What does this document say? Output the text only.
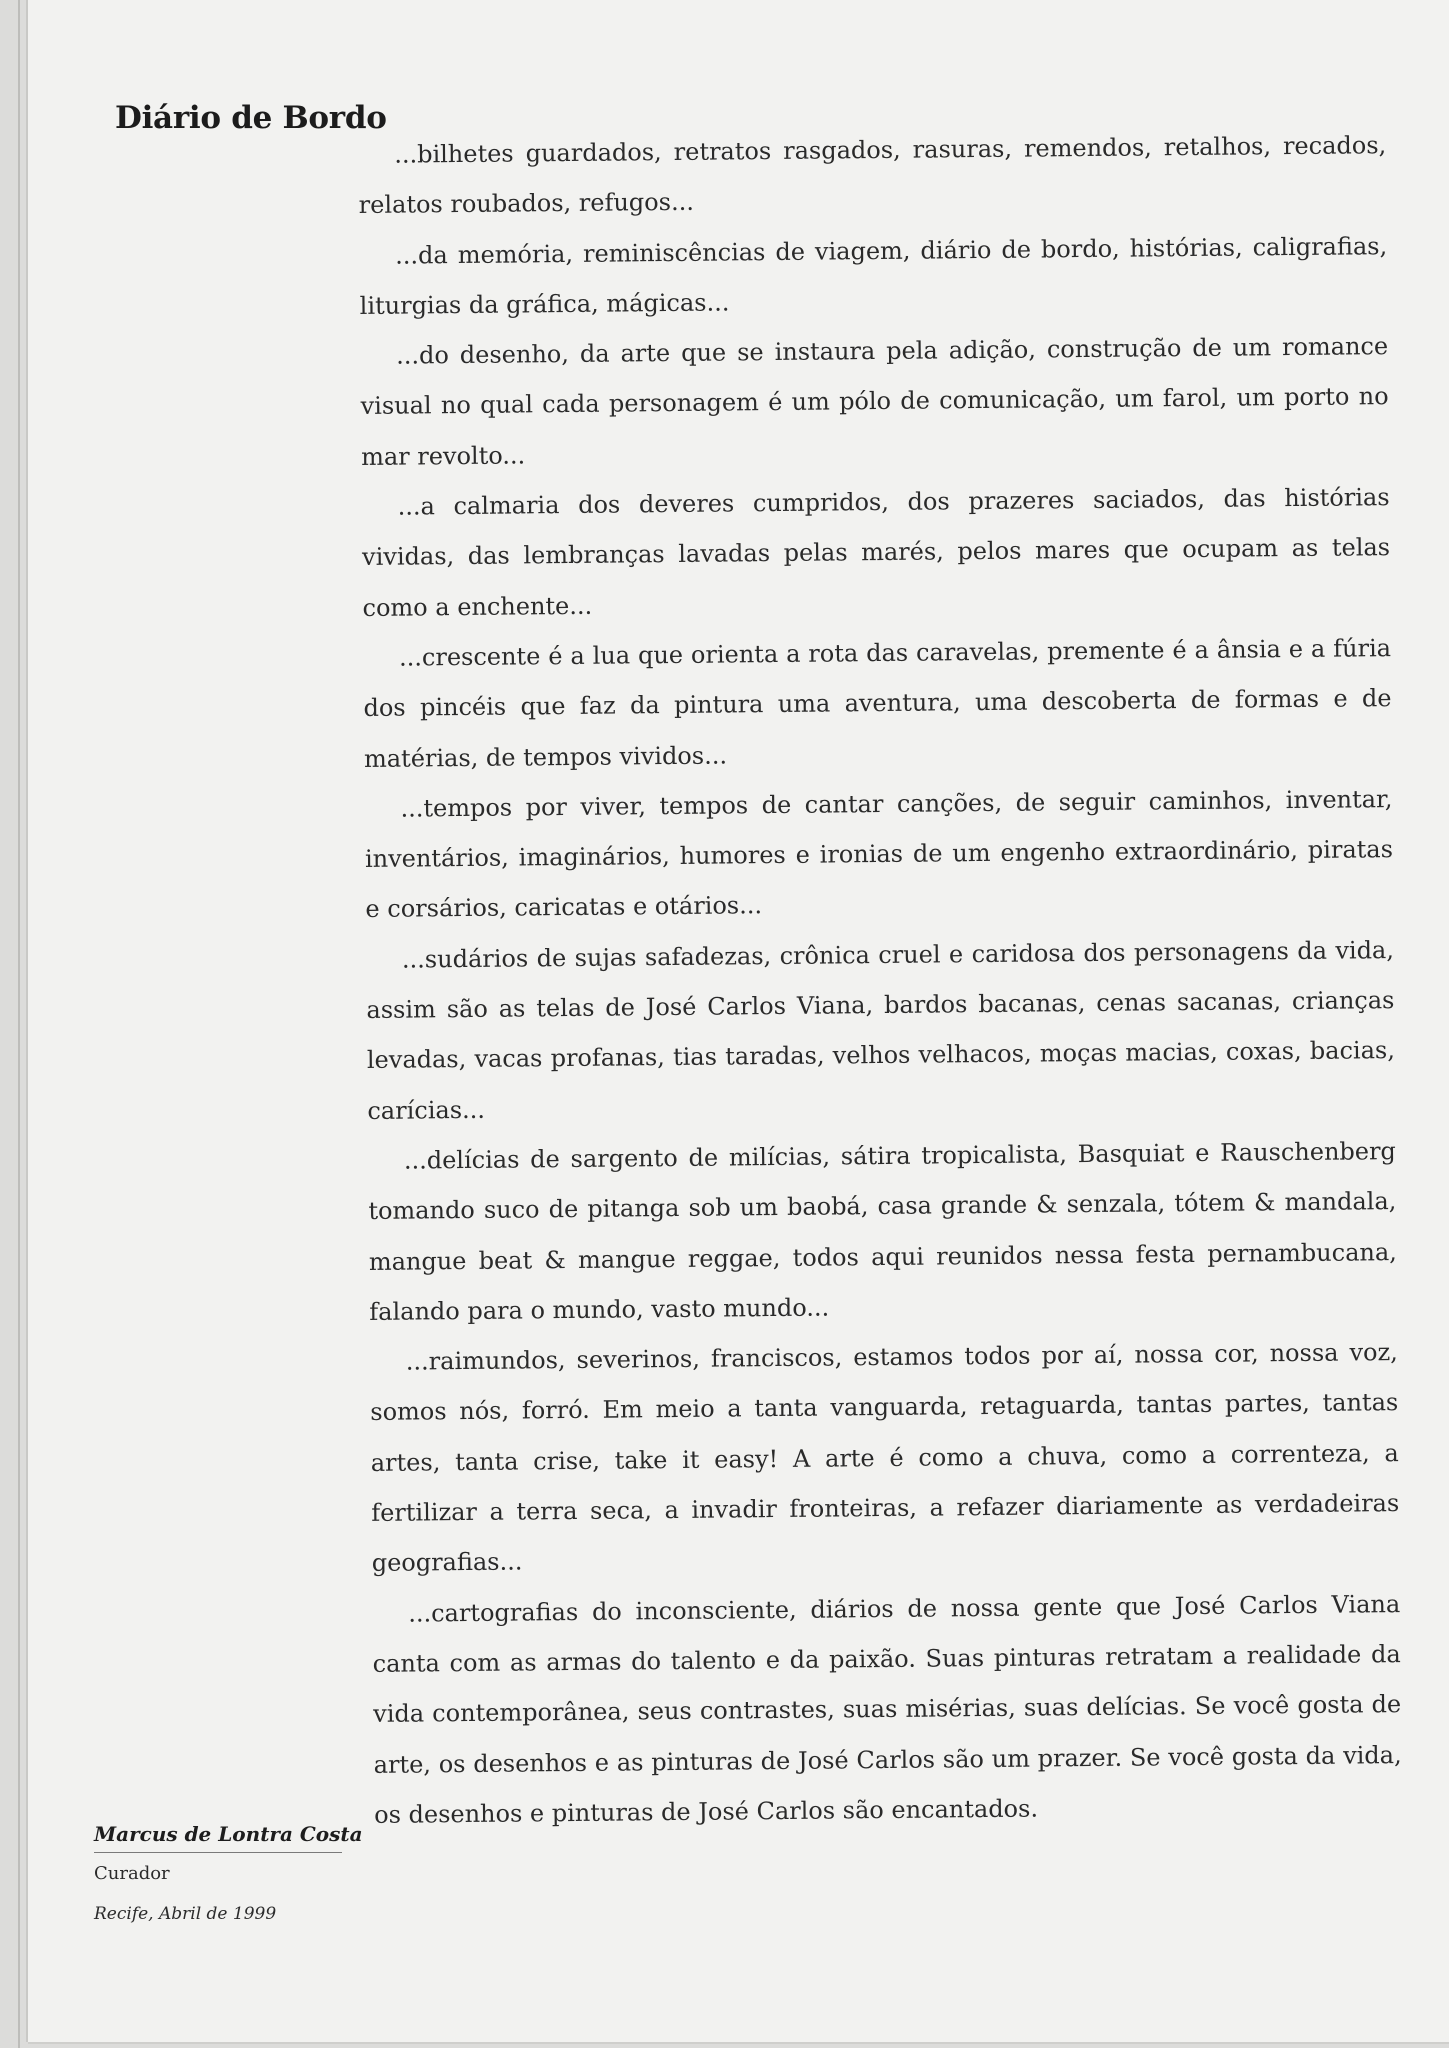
Diário de Bordo

...bilhetes guardados, retratos rasgados, rasuras, remendos, retalhos, recados, relatos roubados, refugos...

...da memória, reminiscências de viagem, diário de bordo, histórias, caligrafias, liturgias da gráfica, mágicas...

...do desenho, da arte que se instaura pela adição, construção de um romance visual no qual cada personagem é um pólo de comunicação, um farol, um porto no mar revolto...

...a calmaria dos deveres cumpridos, dos prazeres saciados, das histórias vividas, das lembranças lavadas pelas marés, pelos mares que ocupam as telas como a enchente...

...crescente é a lua que orienta a rota das caravelas, premente é a ânsia e a fúria dos pincéis que faz da pintura uma aventura, uma descoberta de formas e de matérias, de tempos vividos...

...tempos por viver, tempos de cantar canções, de seguir caminhos, inventar, inventários, imaginários, humores e ironias de um engenho extraordinário, piratas e corsários, caricatas e otários...

...sudários de sujas safadezas, crônica cruel e caridosa dos personagens da vida, assim são as telas de José Carlos Viana, bardos bacanas, cenas sacanas, crianças levadas, vacas profanas, tias taradas, velhos velhacos, moças macias, coxas, bacias, carícias...

...delícias de sargento de milícias, sátira tropicalista, Basquiat e Rauschenberg tomando suco de pitanga sob um baobá, casa grande & senzala, tótem & mandala, mangue beat & mangue reggae, todos aqui reunidos nessa festa pernambucana, falando para o mundo, vasto mundo...

...raimundos, severinos, franciscos, estamos todos por aí, nossa cor, nossa voz, somos nós, forró. Em meio a tanta vanguarda, retaguarda, tantas partes, tantas artes, tanta crise, take it easy! A arte é como a chuva, como a correnteza, a fertilizar a terra seca, a invadir fronteiras, a refazer diariamente as verdadeiras geografias...

...cartografias do inconsciente, diários de nossa gente que José Carlos Viana canta com as armas do talento e da paixão. Suas pinturas retratam a realidade da vida contemporânea, seus contrastes, suas misérias, suas delícias. Se você gosta de arte, os desenhos e as pinturas de José Carlos são um prazer. Se você gosta da vida, os desenhos e pinturas de José Carlos são encantados.

Marcus de Lontra Costa
Curador
Recife, Abril de 1999
